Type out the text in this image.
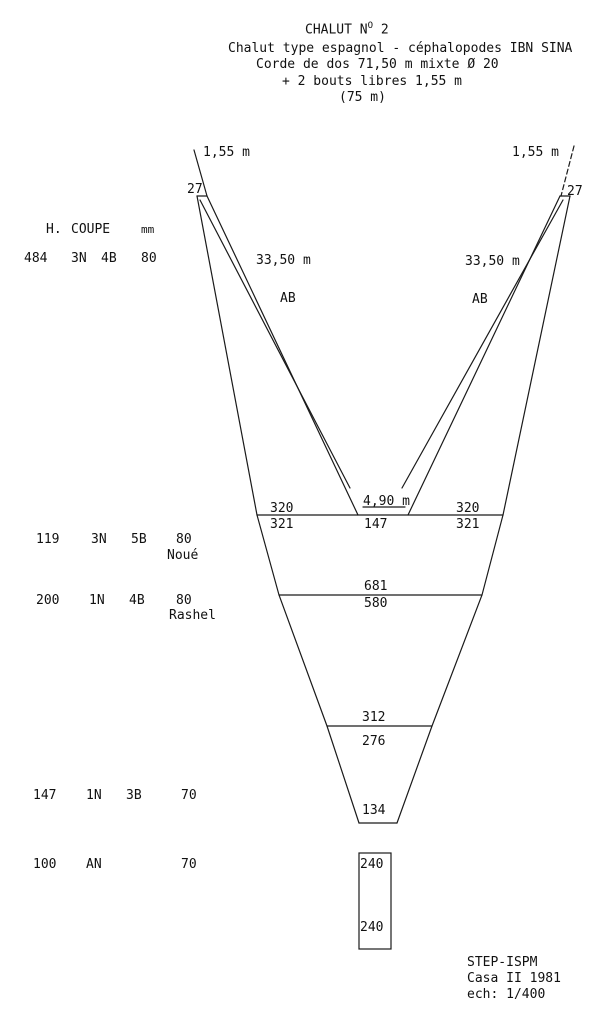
CHALUT $N^O$ 2
Chalut type espagnol - céphalopodes IBN SINA
Corde de dos 71,50 m mixte Ø 20
+ 2 bouts libres 1,55 m
(75 m)
H. COUPE	mm
484 3N 4B 80
119 3N 5B 80
Noué
200 1N 4B 80
Rashel
147 1N 3B	70
100 AN	70
1,55 m	1,55 m
27	27
33,50 m	33,50 m
AB	AB
4,90 m
320	320
321	147	321
681
580
312
276
134
240
240
STEP-ISPM
Casa II 1981
ech: 1/400
